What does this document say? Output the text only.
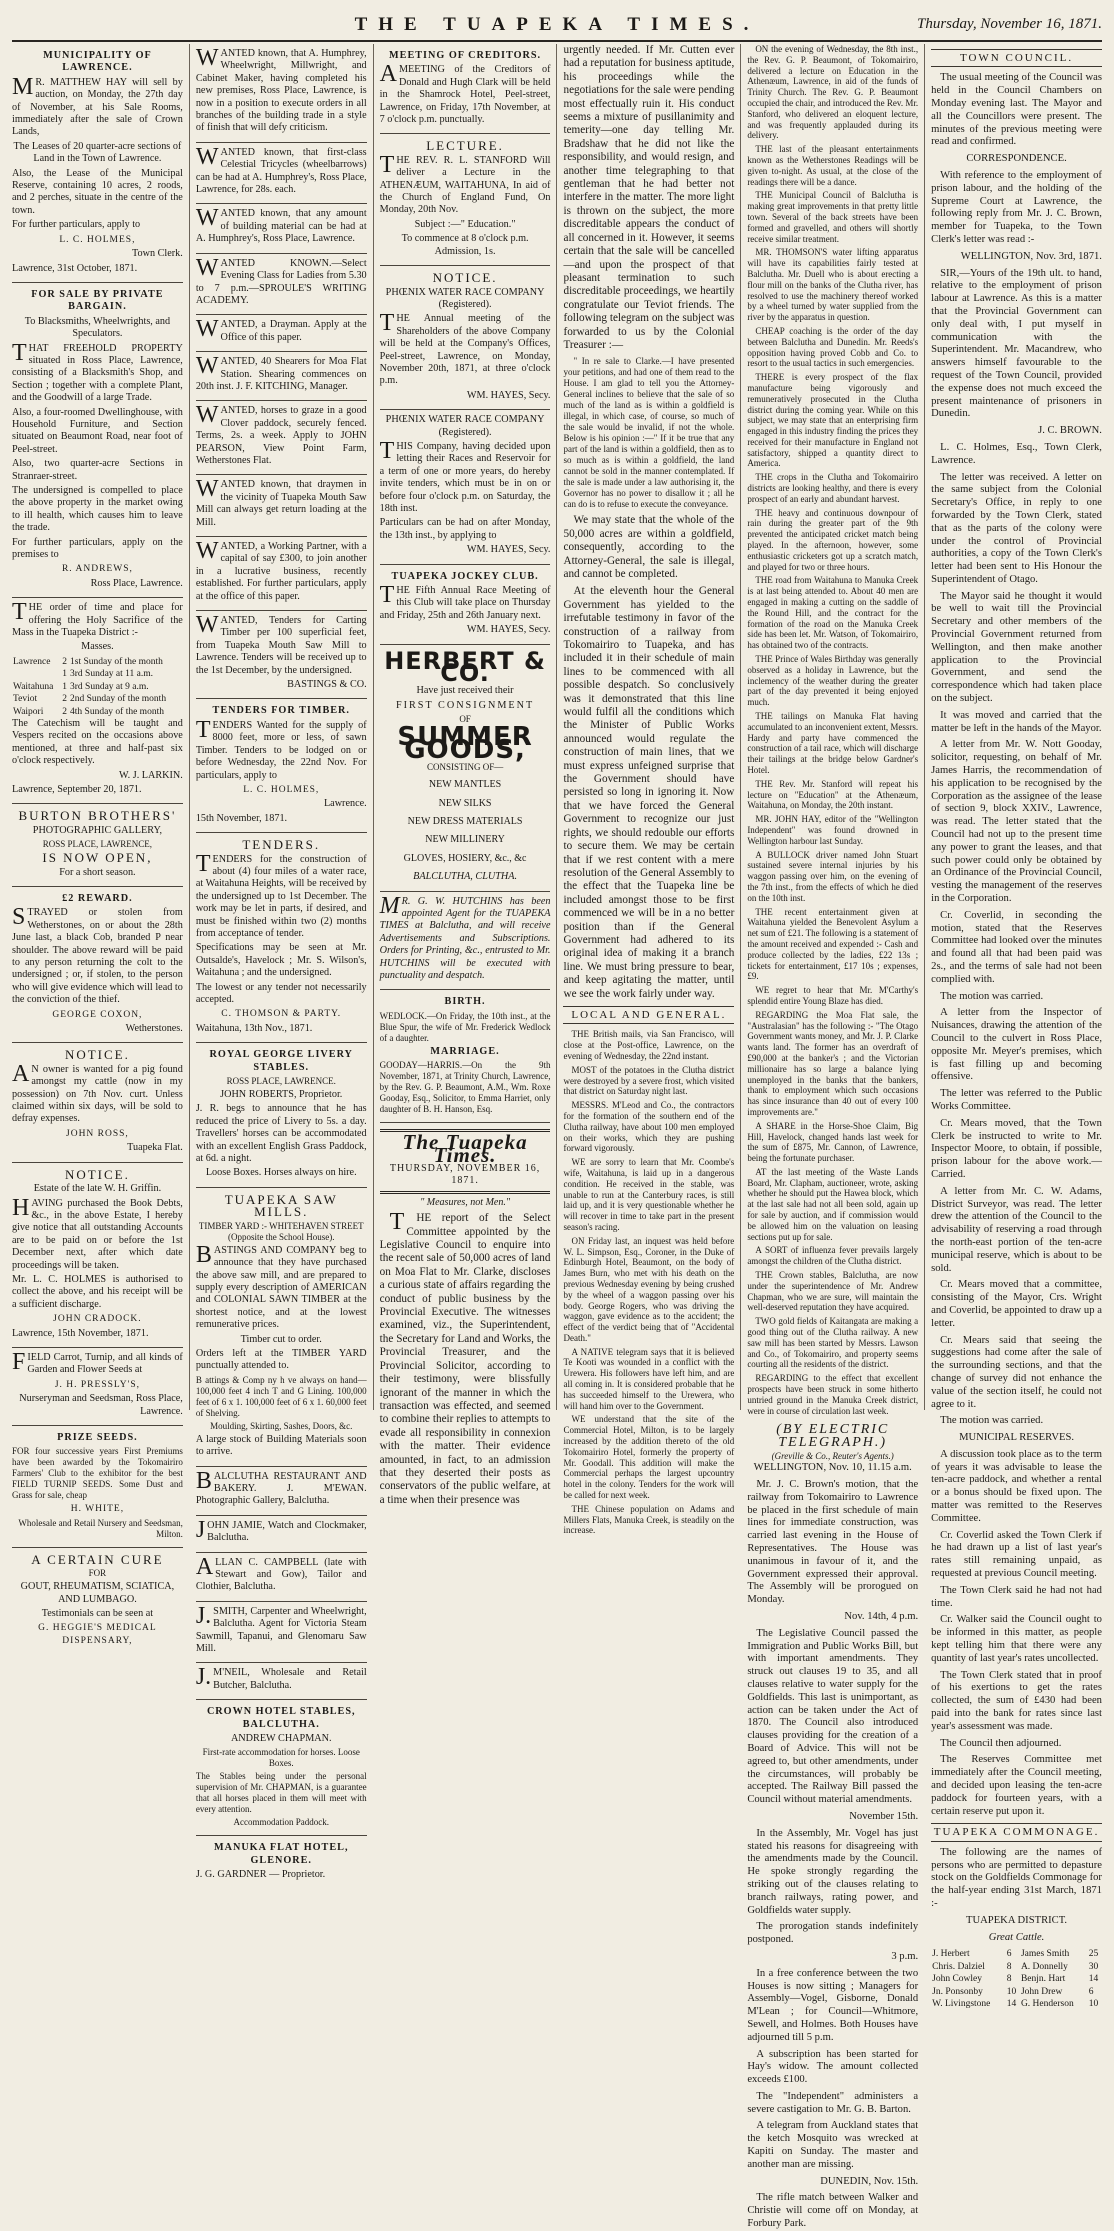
THE TUAPEKA TIMES.	Thursday, November 16, 1871.
MUNICIPALITY OF LAWRENCE.

MR. MATTHEW HAY will sell by auction, on Monday, the 27th day of November, at his Sale Rooms, immediately after the sale of Crown Lands,

The Leases of 20 quarter-acre sections of Land in the Town of Lawrence.

Also, the Lease of the Municipal Reserve, containing 10 acres, 2 roods, and 2 perches, situate in the centre of the town.

For further particulars, apply to

L. C. HOLMES,

Town Clerk.

Lawrence, 31st October, 1871.

FOR SALE BY PRIVATE BARGAIN.

To Blacksmiths, Wheelwrights, and Speculators.

THAT FREEHOLD PROPERTY situated in Ross Place, Lawrence, consisting of a Blacksmith's Shop, and Section ; together with a complete Plant, and the Goodwill of a large Trade.

Also, a four-roomed Dwellinghouse, with Household Furniture, and Section situated on Beaumont Road, near foot of Peel-street.

Also, two quarter-acre Sections in Stranraer-street.

The undersigned is compelled to place the above property in the market owing to ill health, which causes him to leave the trade.

For further particulars, apply on the premises to

R. ANDREWS,

Ross Place, Lawrence.

THE order of time and place for offering the Holy Sacrifice of the Mass in the Tuapeka District :-

Masses.

Lawrence	2	1st Sunday of the month
	1	3rd Sunday at 11 a.m.
Waitahuna	1	3rd Sunday at 9 a.m.
Teviot	2	2nd Sunday of the month
Waipori	2	4th Sunday of the month

The Catechism will be taught and Vespers recited on the occasions above mentioned, at three and half-past six o'clock respectively.

W. J. LARKIN.

Lawrence, September 20, 1871.

BURTON BROTHERS'

PHOTOGRAPHIC GALLERY,

ROSS PLACE, LAWRENCE,

IS NOW OPEN,

For a short season.

£2 REWARD.

STRAYED or stolen from Wetherstones, on or about the 28th June last, a black Cob, branded P near shoulder. The above reward will be paid to any person returning the colt to the undersigned ; or, if stolen, to the person who will give evidence which will lead to the conviction of the thief.

GEORGE COXON,

Wetherstones.

NOTICE.

AN owner is wanted for a pig found amongst my cattle (now in my possession) on 7th Nov. curt. Unless claimed within six days, will be sold to defray expenses.

JOHN ROSS,

Tuapeka Flat.

NOTICE.

Estate of the late W. H. Griffin.

HAVING purchased the Book Debts, &c., in the above Estate, I hereby give notice that all outstanding Accounts are to be paid on or before the 1st December next, after which date proceedings will be taken.

Mr. L. C. HOLMES is authorised to collect the above, and his receipt will be a sufficient discharge.

JOHN CRADOCK.

Lawrence, 15th November, 1871.

FIELD Carrot, Turnip, and all kinds of Garden and Flower Seeds at

J. H. PRESSLY'S,

Nurseryman and Seedsman, Ross Place, Lawrence.

PRIZE SEEDS.

FOR four successive years First Premiums have been awarded by the Tokomairiro Farmers' Club to the exhibitor for the best FIELD TURNIP SEEDS. Some Dust and Grass for sale, cheap

H. WHITE,

Wholesale and Retail Nursery and Seedsman, Milton.

A CERTAIN CURE

FOR

GOUT, RHEUMATISM, SCIATICA, AND LUMBAGO.

Testimonials can be seen at

G. HEGGIE'S MEDICAL DISPENSARY,

WANTED known, that A. Humphrey, Wheelwright, Millwright, and Cabinet Maker, having completed his new premises, Ross Place, Lawrence, is now in a position to execute orders in all branches of the building trade in a style of finish that will defy criticism.

WANTED known, that first-class Celestial Tricycles (wheelbarrows) can be had at A. Humphrey's, Ross Place, Lawrence, for 28s. each.

WANTED known, that any amount of building material can be had at A. Humphrey's, Ross Place, Lawrence.

WANTED KNOWN.—Select Evening Class for Ladies from 5.30 to 7 p.m.—SPROULE'S WRITING ACADEMY.

WANTED, a Drayman. Apply at the Office of this paper.

WANTED, 40 Shearers for Moa Flat Station. Shearing commences on 20th inst. J. F. KITCHING, Manager.

WANTED, horses to graze in a good Clover paddock, securely fenced. Terms, 2s. a week. Apply to JOHN PEARSON, View Point Farm, Wetherstones Flat.

WANTED known, that draymen in the vicinity of Tuapeka Mouth Saw Mill can always get return loading at the Mill.

WANTED, a Working Partner, with a capital of say £300, to join another in a lucrative business, recently established. For further particulars, apply at the office of this paper.

WANTED, Tenders for Carting Timber per 100 superficial feet, from Tuapeka Mouth Saw Mill to Lawrence. Tenders will be received up to the 1st December, by the undersigned.

BASTINGS & CO.

TENDERS FOR TIMBER.

TENDERS Wanted for the supply of 8000 feet, more or less, of sawn Timber. Tenders to be lodged on or before Wednesday, the 22nd Nov. For particulars, apply to

L. C. HOLMES,

Lawrence.

15th November, 1871.

TENDERS.

TENDERS for the construction of about (4) four miles of a water race, at Waitahuna Heights, will be received by the undersigned up to 1st December. The work may be let in parts, if desired, and must be finished within two (2) months from acceptance of tender.

Specifications may be seen at Mr. Outsalde's, Havelock ; Mr. S. Wilson's, Waitahuna ; and the undersigned.

The lowest or any tender not necessarily accepted.

C. THOMSON & PARTY.

Waitahuna, 13th Nov., 1871.

ROYAL GEORGE LIVERY STABLES.

ROSS PLACE, LAWRENCE.

JOHN ROBERTS, Proprietor.

J. R. begs to announce that he has reduced the price of Livery to 5s. a day. Travellers' horses can be accommodated with an excellent English Grass Paddock, at 6d. a night.

Loose Boxes. Horses always on hire.

TUAPEKA SAW MILLS.

TIMBER YARD :- WHITEHAVEN STREET (Opposite the School House).

BASTINGS AND COMPANY beg to announce that they have purchased the above saw mill, and are prepared to supply every description of AMERICAN and COLONIAL SAWN TIMBER at the shortest notice, and at the lowest remunerative prices.

Timber cut to order.

Orders left at the TIMBER YARD punctually attended to.

B attings & Comp ny h ve always on hand— 100,000 feet 4 inch T and G Lining. 100,000 feet of 6 x 1. 100,000 feet of 6 x 1. 60,000 feet of Shelving.

Moulding, Skirting, Sashes, Doors, &c.

A large stock of Building Materials soon to arrive.

BALCLUTHA RESTAURANT AND BAKERY. J. M'EWAN. Photographic Gallery, Balclutha.

JOHN JAMIE, Watch and Clockmaker, Balclutha.

ALLAN C. CAMPBELL (late with Stewart and Gow), Tailor and Clothier, Balclutha.

J.SMITH, Carpenter and Wheelwright, Balclutha. Agent for Victoria Steam Sawmill, Tapanui, and Glenomaru Saw Mill.

J.M'NEIL, Wholesale and Retail Butcher, Balclutha.

CROWN HOTEL STABLES, BALCLUTHA.

ANDREW CHAPMAN.

First-rate accommodation for horses. Loose Boxes.

The Stables being under the personal supervision of Mr. CHAPMAN, is a guarantee that all horses placed in them will meet with every attention.

Accommodation Paddock.

MANUKA FLAT HOTEL, GLENORE.

J. G. GARDNER — Proprietor.

MEETING OF CREDITORS.

AMEETING of the Creditors of Donald and Hugh Clark will be held in the Shamrock Hotel, Peel-street, Lawrence, on Friday, 17th November, at 7 o'clock p.m. punctually.

LECTURE.

THE REV. R. L. STANFORD Will deliver a Lecture in the ATHENÆUM, WAITAHUNA, In aid of the Church of England Fund, On Monday, 20th Nov.

Subject :—" Education."

To commence at 8 o'clock p.m. Admission, 1s.

NOTICE.

PHŒNIX WATER RACE COMPANY (Registered).

THE Annual meeting of the Shareholders of the above Company will be held at the Company's Offices, Peel-street, Lawrence, on Monday, November 20th, 1871, at three o'clock p.m.

WM. HAYES, Secy.

PHŒNIX WATER RACE COMPANY (Registered).

THIS Company, having decided upon letting their Races and Reservoir for a term of one or more years, do hereby invite tenders, which must be in on or before four o'clock p.m. on Saturday, the 18th inst.

Particulars can be had on after Monday, the 13th inst., by applying to

WM. HAYES, Secy.

TUAPEKA JOCKEY CLUB.

THE Fifth Annual Race Meeting of this Club will take place on Thursday and Friday, 25th and 26th January next.

WM. HAYES, Secy.

HERBERT & CO.

Have just received their

FIRST CONSIGNMENT

OF

SUMMER GOODS,

CONSISTING OF—

NEW MANTLES
NEW SILKS
NEW DRESS MATERIALS
NEW MILLINERY
GLOVES, HOSIERY, &c., &c

BALCLUTHA, CLUTHA.

MR. G. W. HUTCHINS has been appointed Agent for the TUAPEKA TIMES at Balclutha, and will receive Advertisements and Subscriptions. Orders for Printing, &c., entrusted to Mr. HUTCHINS will be executed with punctuality and despatch.

BIRTH.

WEDLOCK.—On Friday, the 10th inst., at the Blue Spur, the wife of Mr. Frederick Wedlock of a daughter.

MARRIAGE.

GOODAY—HARRIS.—On the 9th November, 1871, at Trinity Church, Lawrence, by the Rev. G. P. Beaumont, A.M., Wm. Roxe Gooday, Esq., Solicitor, to Emma Harriet, only daughter of B. H. Hanson, Esq.

The Tuapeka Times.
THURSDAY, NOVEMBER 16, 1871.
" Measures, not Men."

THE report of the Select Committee appointed by the Legislative Council to enquire into the recent sale of 50,000 acres of land on Moa Flat to Mr. Clarke, discloses a curious state of affairs regarding the conduct of public business by the Provincial Executive. The witnesses examined, viz., the Superintendent, the Secretary for Land and Works, the Provincial Treasurer, and the Provincial Solicitor, according to their testimony, were blissfully ignorant of the manner in which the transaction was effected, and seemed to combine their replies to attempts to evade all responsibility in connexion with the matter. Their evidence amounted, in fact, to an admission that they deserted their posts as conservators of the public welfare, at a time when their presence was

urgently needed. If Mr. Cutten ever had a reputation for business aptitude, his proceedings while the negotiations for the sale were pending most effectually ruin it. His conduct seems a mixture of pusillanimity and temerity—one day telling Mr. Bradshaw that he did not like the responsibility, and would resign, and another time telegraphing to that gentleman that he had better not interfere in the matter. The more light is thrown on the subject, the more discreditable appears the conduct of all concerned in it. However, it seems certain that the sale will be cancelled—and upon the prospect of that pleasant termination to such discreditable proceedings, we heartily congratulate our Teviot friends. The following telegram on the subject was forwarded to us by the Colonial Treasurer :—

" In re sale to Clarke.—I have presented your petitions, and had one of them read to the House. I am glad to tell you the Attorney-General inclines to believe that the sale of so much of the land as is within a goldfield is illegal, in which case, of course, so much of the sale would be invalid, if not the whole. Below is his opinion :—" If it be true that any part of the land is within a goldfield, then as to so much as is within a goldfield, the land cannot be sold in the manner contemplated. If the sale is made under a law authorising it, the Governor has no power to disallow it ; all he can do is to refuse to execute the conveyance.

We may state that the whole of the 50,000 acres are within a goldfield, consequently, according to the Attorney-General, the sale is illegal, and cannot be completed.

At the eleventh hour the General Government has yielded to the irrefutable testimony in favor of the construction of a railway from Tokomairiro to Tuapeka, and has included it in their schedule of main lines to be commenced with all possible despatch. So conclusively was it demonstrated that this line would fulfil all the conditions which the Minister of Public Works announced would regulate the construction of main lines, that we must express unfeigned surprise that the Government should have persisted so long in ignoring it. Now that we have forced the General Government to recognize our just rights, we should redouble our efforts to secure them. We may be certain that if we rest content with a mere resolution of the General Assembly to the effect that the Tuapeka line be included amongst those to be first commenced we will be in a no better position than if the General Government had adhered to its original idea of making it a branch line. We must bring pressure to bear, and keep agitating the matter, until we see the work fairly under way.

LOCAL AND GENERAL.

THE British mails, via San Francisco, will close at the Post-office, Lawrence, on the evening of Wednesday, the 22nd instant.

MOST of the potatoes in the Clutha district were destroyed by a severe frost, which visited that district on Saturday night last.

MESSRS. M'Leod and Co., the contractors for the formation of the southern end of the Clutha railway, have about 100 men employed on their works, which they are pushing forward vigorously.

WE are sorry to learn that Mr. Coombe's wife, Waitahuna, is laid up in a dangerous condition. He received in the stable, was unable to run at the Canterbury races, is still laid up, and it is very questionable whether he will recover in time to take part in the present season's racing.

ON Friday last, an inquest was held before W. L. Simpson, Esq., Coroner, in the Duke of Edinburgh Hotel, Beaumont, on the body of James Burn, who met with his death on the previous Wednesday evening by being crushed by the wheel of a waggon passing over his body. George Rogers, who was driving the waggon, gave evidence as to the accident; the effect of the verdict being that of "Accidental Death."

A NATIVE telegram says that it is believed Te Kooti was wounded in a conflict with the Urewera. His followers have left him, and are all coming in. It is considered probable that he has succeeded himself to the Urewera, who will hand him over to the Government.

WE understand that the site of the Commercial Hotel, Milton, is to be largely increased by the addition thereto of the old Tokomairiro Hotel, formerly the property of Mr. Goodall. This addition will make the Commercial perhaps the largest upcountry hotel in the colony. Tenders for the work will be called for next week.

THE Chinese population on Adams and Millers Flats, Manuka Creek, is steadily on the increase.

ON the evening of Wednesday, the 8th inst., the Rev. G. P. Beaumont, of Tokomairiro, delivered a lecture on Education in the Athenæum, Lawrence, in aid of the funds of Trinity Church. The Rev. G. P. Beaumont occupied the chair, and introduced the Rev. Mr. Stanford, who delivered an eloquent lecture, and was frequently applauded during its delivery.

THE last of the pleasant entertainments known as the Wetherstones Readings will be given to-night. As usual, at the close of the readings there will be a dance.

THE Municipal Council of Balclutha is making great improvements in that pretty little town. Several of the back streets have been formed and gravelled, and others will shortly receive similar treatment.

MR. THOMSON'S water lifting apparatus will have its capabilities fairly tested at Balclutha. Mr. Duell who is about erecting a flour mill on the banks of the Clutha river, has resolved to use the machinery thereof worked by a wheel turned by water supplied from the river by the apparatus in question.

CHEAP coaching is the order of the day between Balclutha and Dunedin. Mr. Reeds's opposition having proved Cobb and Co. to resort to the usual tactics in such emergencies.

THERE is every prospect of the flax manufacture being vigorously and remuneratively prosecuted in the Clutha district during the coming year. While on this subject, we may state that an enterprising firm engaged in this industry finding the prices they received for their manufacture in England not satisfactory, shipped a quantity direct to America.

THE crops in the Clutha and Tokomairiro districts are looking healthy, and there is every prospect of an early and abundant harvest.

THE heavy and continuous downpour of rain during the greater part of the 9th prevented the anticipated cricket match being played. In the afternoon, however, some enthusiastic cricketers got up a scratch match, and played for two or three hours.

THE road from Waitahuna to Manuka Creek is at last being attended to. About 40 men are engaged in making a cutting on the saddle of the Round Hill, and the contract for the formation of the road on the Manuka Creek side has been let. Mr. Watson, of Tokomairiro, has obtained two of the contracts.

THE Prince of Wales Birthday was generally observed as a holiday in Lawrence, but the inclemency of the weather during the greater part of the day prevented it being enjoyed much.

THE tailings on Manuka Flat having accumulated to an inconvenient extent, Messrs. Hardy and party have commenced the construction of a tail race, which will discharge their tailings at the bridge below Gardner's Hotel.

THE Rev. Mr. Stanford will repeat his lecture on "Education" at the Athenæum, Waitahuna, on Monday, the 20th instant.

MR. JOHN HAY, editor of the "Wellington Independent" was found drowned in Wellington harbour last Sunday.

A BULLOCK driver named John Stuart sustained severe internal injuries by his waggon passing over him, on the evening of the 7th inst., from the effects of which he died on the 10th inst.

THE recent entertainment given at Waitahuna yielded the Benevolent Asylum a net sum of £21. The following is a statement of the amount received and expended :- Cash and produce collected by the ladies, £22 13s ; tickets for entertainment, £17 10s ; expenses, £9.

WE regret to hear that Mr. M'Carthy's splendid entire Young Blaze has died.

REGARDING the Moa Flat sale, the "Australasian" has the following :- "The Otago Government wants money, and Mr. J. P. Clarke wants land. The former has an overdraft of £90,000 at the banker's ; and the Victorian millionaire has so large a balance lying unemployed in the banks that the bankers, thank to employment which such occasions has since insurance than 40 out of every 100 improvements are."

A SHARE in the Horse-Shoe Claim, Big Hill, Havelock, changed hands last week for the sum of £875, Mr. Cannon, of Lawrence, being the fortunate purchaser.

AT the last meeting of the Waste Lands Board, Mr. Clapham, auctioneer, wrote, asking whether he should put the Hawea block, which at the last sale had not all been sold, again up for sale by auction, and if commission would be allowed him on the valuation on leasing sections put up for sale.

A SORT of influenza fever prevails largely amongst the children of the Clutha district.

THE Crown stables, Balclutha, are now under the superintendence of Mr. Andrew Chapman, who we are sure, will maintain the well-deserved reputation they have acquired.

TWO gold fields of Kaitangata are making a good thing out of the Clutha railway. A new saw mill has been started by Messrs. Lawson and Co., of Tokomairiro, and property seems courting all the residents of the district.

REGARDING to the effect that excellent prospects have been struck in some hitherto untried ground in the Manuka Creek district, were in course of circulation last week.

(BY ELECTRIC TELEGRAPH.)
(Greville & Co., Reuter's Agents.)

WELLINGTON, Nov. 10, 11.15 a.m.

Mr. J. C. Brown's motion, that the railway from Tokomairiro to Lawrence be placed in the first schedule of main lines for immediate construction, was carried last evening in the House of Representatives. The House was unanimous in favour of it, and the Government expressed their approval. The Assembly will be prorogued on Monday.

Nov. 14th, 4 p.m.

The Legislative Council passed the Immigration and Public Works Bill, but with important amendments. They struck out clauses 19 to 35, and all clauses relative to water supply for the Goldfields. This last is unimportant, as action can be taken under the Act of 1870. The Council also introduced clauses providing for the creation of a Board of Advice. This will not be agreed to, but other amendments, under the circumstances, will probably be accepted. The Railway Bill passed the Council without material amendments.

November 15th.

In the Assembly, Mr. Vogel has just stated his reasons for disagreeing with the amendments made by the Council. He spoke strongly regarding the striking out of the clauses relating to branch railways, rating power, and Goldfields water supply.

The prorogation stands indefinitely postponed.

3 p.m.

In a free conference between the two Houses is now sitting ; Managers for Assembly—Vogel, Gisborne, Donald M'Lean ; for Council—Whitmore, Sewell, and Holmes. Both Houses have adjourned till 5 p.m.

A subscription has been started for Hay's widow. The amount collected exceeds £100.

The "Independent" administers a severe castigation to Mr. G. B. Barton.

A telegram from Auckland states that the ketch Mosquito was wrecked at Kapiti on Sunday. The master and another man are missing.

DUNEDIN, Nov. 15th.

The rifle match between Walker and Christie will come off on Monday, at Forbury Park.

TOWN COUNCIL.

The usual meeting of the Council was held in the Council Chambers on Monday evening last. The Mayor and all the Councillors were present. The minutes of the previous meeting were read and confirmed.

CORRESPONDENCE.

With reference to the employment of prison labour, and the holding of the Supreme Court at Lawrence, the following reply from Mr. J. C. Brown, member for Tuapeka, to the Town Clerk's letter was read :-

WELLINGTON, Nov. 3rd, 1871.

SIR,—Yours of the 19th ult. to hand, relative to the employment of prison labour at Lawrence. As this is a matter that the Provincial Government can only deal with, I put myself in communication with the Superintendent. Mr. Macandrew, who answers himself favourable to the request of the Town Council, provided the expense does not much exceed the present maintenance of prisoners in Dunedin.

J. C. BROWN.

L. C. Holmes, Esq., Town Clerk, Lawrence.

The letter was received. A letter on the same subject from the Colonial Secretary's Office, in reply to one forwarded by the Town Clerk, stated that as the parts of the colony were under the control of Provincial authorities, a copy of the Town Clerk's letter had been sent to His Honour the Superintendent of Otago.

The Mayor said he thought it would be well to wait till the Provincial Secretary and other members of the Provincial Government returned from Wellington, and then make another application to the Provincial Government, and send the correspondence which had taken place on the subject.

It was moved and carried that the matter be left in the hands of the Mayor.

A letter from Mr. W. Nott Gooday, solicitor, requesting, on behalf of Mr. James Harris, the recommendation of his application to be recognised by the Corporation as the assignee of the lease of section 9, block XXIV., Lawrence, was read. The letter stated that the Council had not up to the present time any power to grant the leases, and that such power could only be obtained by an Ordinance of the Provincial Council, vesting the management of the reserves in the Corporation.

Cr. Coverlid, in seconding the motion, stated that the Reserves Committee had looked over the minutes and found all that had been paid was 2s., and the terms of sale had not been complied with.

The motion was carried.

A letter from the Inspector of Nuisances, drawing the attention of the Council to the culvert in Ross Place, opposite Mr. Meyer's premises, which is fast filling up and becoming offensive.

The letter was referred to the Public Works Committee.

Cr. Mears moved, that the Town Clerk be instructed to write to Mr. Inspector Moore, to obtain, if possible, prison labour for the above work.—Carried.

A letter from Mr. C. W. Adams, District Surveyor, was read. The letter drew the attention of the Council to the advisability of reserving a road through the north-east portion of the ten-acre municipal reserve, which is about to be sold.

Cr. Mears moved that a committee, consisting of the Mayor, Crs. Wright and Coverlid, be appointed to draw up a letter.

Cr. Mears said that seeing the suggestions had come after the sale of the surrounding sections, and that the change of survey did not enhance the value of the section itself, he could not agree to it.

The motion was carried.

MUNICIPAL RESERVES.

A discussion took place as to the term of years it was advisable to lease the ten-acre paddock, and whether a rental or a bonus should be fixed upon. The matter was remitted to the Reserves Committee.

Cr. Coverlid asked the Town Clerk if he had drawn up a list of last year's rates still remaining unpaid, as requested at previous Council meeting.

The Town Clerk said he had not had time.

Cr. Walker said the Council ought to be informed in this matter, as people kept telling him that there were any quantity of last year's rates uncollected.

The Town Clerk stated that in proof of his exertions to get the rates collected, the sum of £430 had been paid into the bank for rates since last year's assessment was made.

The Council then adjourned.

The Reserves Committee met immediately after the Council meeting, and decided upon leasing the ten-acre paddock for fourteen years, with a certain reserve put upon it.

TUAPEKA COMMONAGE.

The following are the names of persons who are permitted to depasture stock on the Goldfields Commonage for the half-year ending 31st March, 1871 :-

TUAPEKA DISTRICT.

Great Cattle.

J. Herbert	6	James Smith	25
Chris. Dalziel	8	A. Donnelly	30
John Cowley	8	Benjn. Hart	14
Jn. Ponsonby	10	John Drew	6
W. Livingstone	14	G. Henderson	10
